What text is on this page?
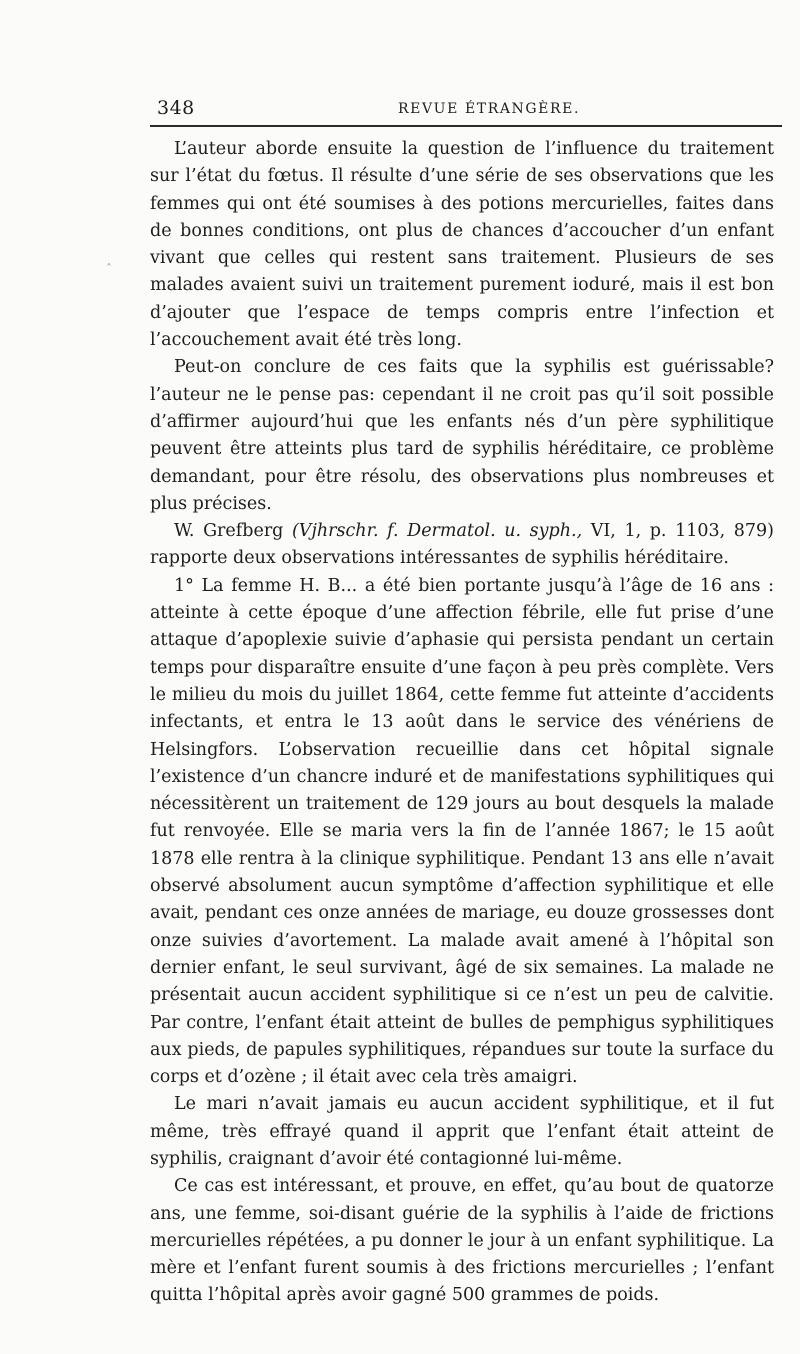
348	REVUE ÉTRANGÈRE.
ˆ

L’auteur aborde ensuite la question de l’influence du traitement sur l’état du fœtus. Il résulte d’une série de ses observations que les femmes qui ont été soumises à des potions mercurielles, faites dans de bonnes conditions, ont plus de chances d’accoucher d’un enfant vivant que celles qui restent sans traitement. Plusieurs de ses malades avaient suivi un traitement purement ioduré, mais il est bon d’ajouter que l’espace de temps compris entre l’infection et l’accouchement avait été très long.

Peut-on conclure de ces faits que la syphilis est guérissable? l’auteur ne le pense pas: cependant il ne croit pas qu’il soit possible d’affirmer aujourd’hui que les enfants nés d’un père syphilitique peuvent être atteints plus tard de syphilis héréditaire, ce problème demandant, pour être résolu, des observations plus nombreuses et plus précises.

W. Grefberg (Vjhrschr. f. Dermatol. u. syph., VI, 1, p. 1103, 879) rapporte deux observations intéressantes de syphilis héréditaire.

1° La femme H. B... a été bien portante jusqu’à l’âge de 16 ans : atteinte à cette époque d’une affection fébrile, elle fut prise d’une attaque d’apoplexie suivie d’aphasie qui persista pendant un certain temps pour disparaître ensuite d’une façon à peu près complète. Vers le milieu du mois du juillet 1864, cette femme fut atteinte d’accidents infectants, et entra le 13 août dans le service des vénériens de Helsingfors. L’observation recueillie dans cet hôpital signale l’existence d’un chancre induré et de manifestations syphilitiques qui nécessitèrent un traitement de 129 jours au bout desquels la malade fut renvoyée. Elle se maria vers la fin de l’année 1867; le 15 août 1878 elle rentra à la clinique syphilitique. Pendant 13 ans elle n’avait observé absolument aucun symptôme d’affection syphilitique et elle avait, pendant ces onze années de mariage, eu douze grossesses dont onze suivies d’avortement. La malade avait amené à l’hôpital son dernier enfant, le seul survivant, âgé de six semaines. La malade ne présentait aucun accident syphilitique si ce n’est un peu de calvitie. Par contre, l’enfant était atteint de bulles de pemphigus syphilitiques aux pieds, de papules syphilitiques, répandues sur toute la surface du corps et d’ozène ; il était avec cela très amaigri.

Le mari n’avait jamais eu aucun accident syphilitique, et il fut même, très effrayé quand il apprit que l’enfant était atteint de syphilis, craignant d’avoir été contagionné lui-même.

Ce cas est intéressant, et prouve, en effet, qu’au bout de quatorze ans, une femme, soi-disant guérie de la syphilis à l’aide de frictions mercurielles répétées, a pu donner le jour à un enfant syphilitique. La mère et l’enfant furent soumis à des frictions mercurielles ; l’enfant quitta l’hôpital après avoir gagné 500 grammes de poids.
